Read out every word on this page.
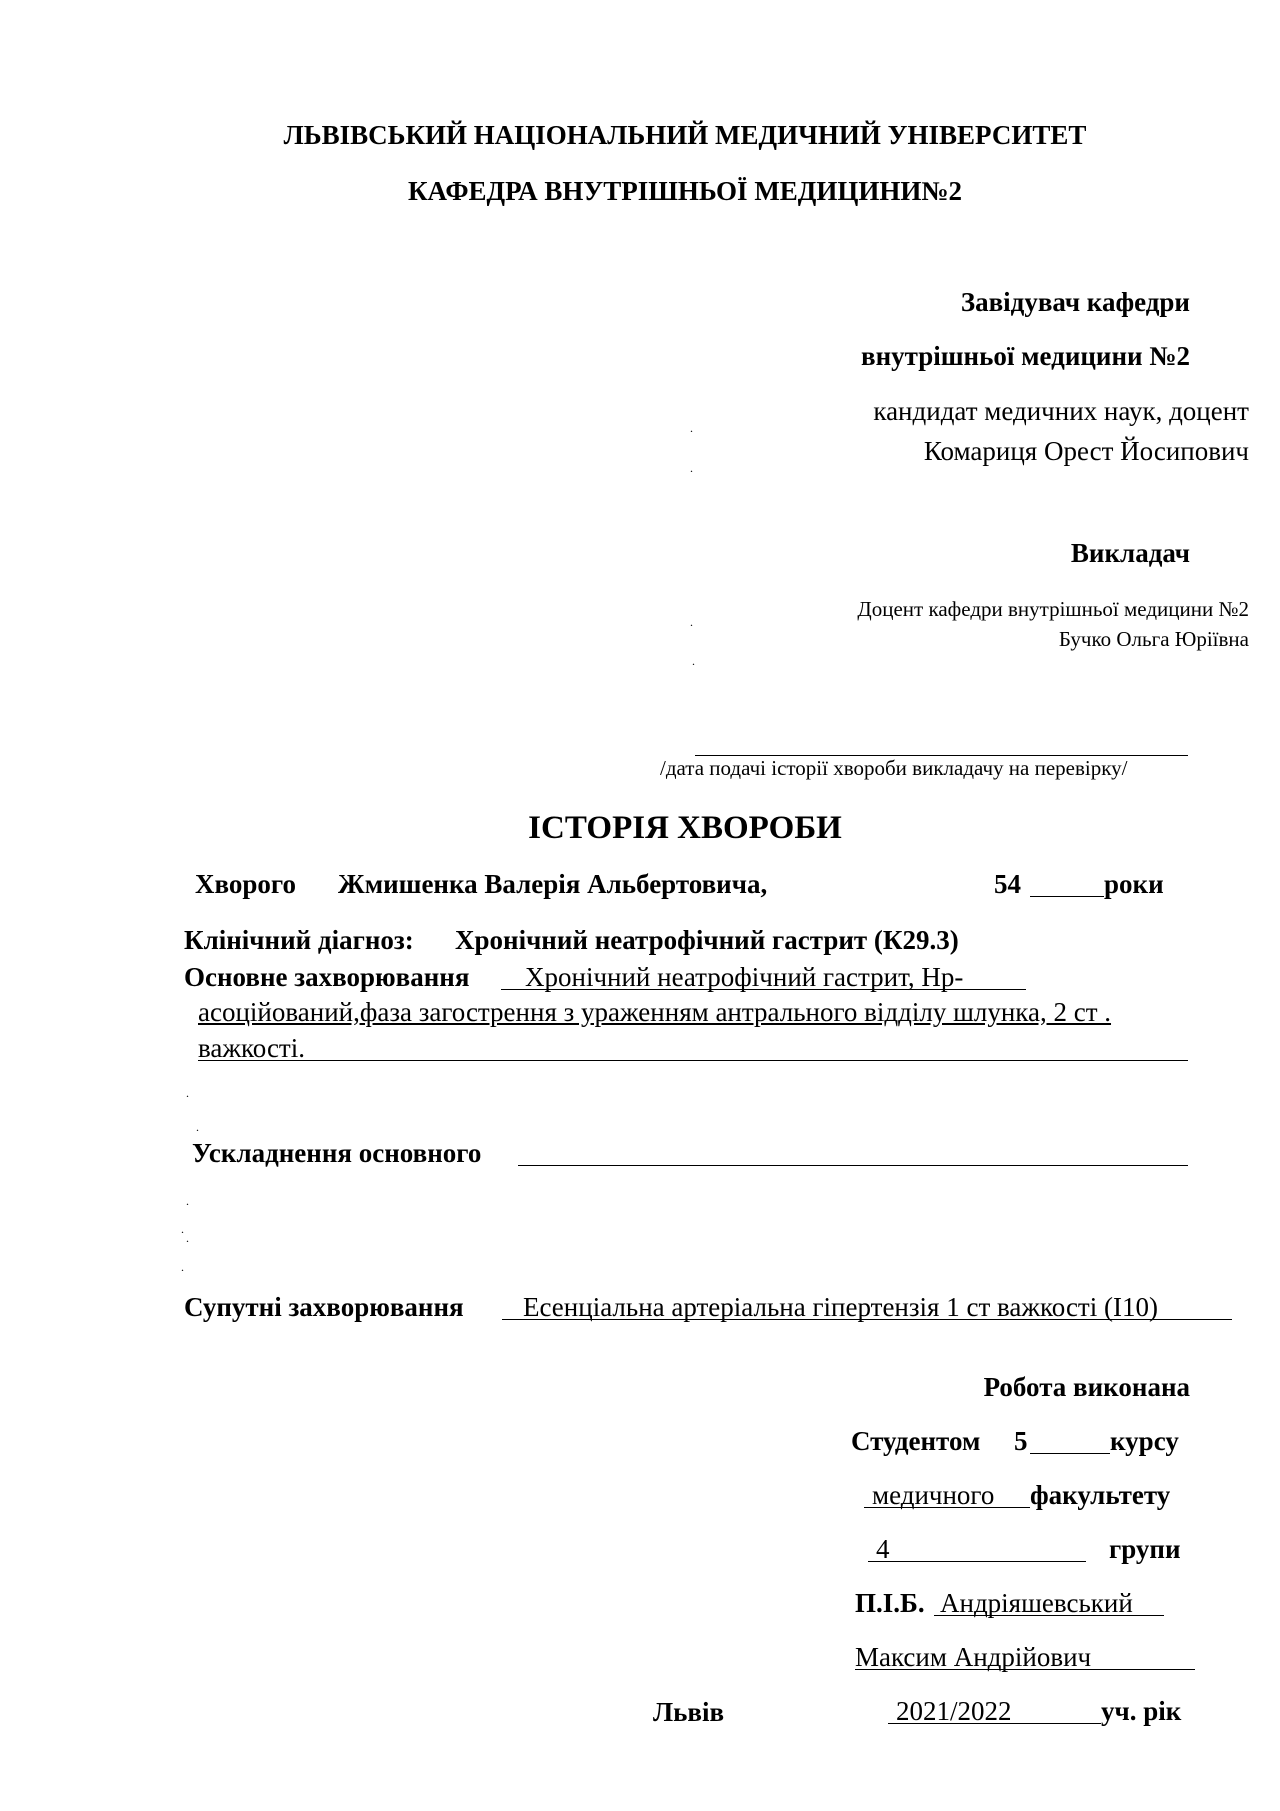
ЛЬВІВСЬКИЙ НАЦІОНАЛЬНИЙ МЕДИЧНИЙ УНІВЕРСИТЕТ
КАФЕДРА ВНУТРІШНЬОЇ МЕДИЦИНИ№2
Завідувач кафедри
внутрішньої медицини №2
кандидат медичних наук, доцент
Комариця Орест Йосипович
.
.
Викладач
Доцент кафедри внутрішньої медицини №2
Бучко Ольга Юріївна
.
.
/дата подачі історії хвороби викладачу на перевірку/
ІСТОРІЯ ХВОРОБИ
Хворого Жмишенка Валерія Альбертовича,	54	роки
Клінічний діагноз: Хронічний неатрофічний гастрит (К29.3)
Основне захворювання Хронічний неатрофічний гастрит, Нр-
асоційований,фаза загострення з ураженням антрального відділу шлунка, 2 ст .
важкості.
.
.
Ускладнення основного
.
.
.
.
Супутні захворювання Есенціальна артеріальна гіпертензія 1 ст важкості (І10)
Робота виконана
Студентом 5	курсу
медичного факультету
4	групи
П.І.Б. Андріяшевський
Максим Андрійович
Львів	2021/2022	уч. рік
